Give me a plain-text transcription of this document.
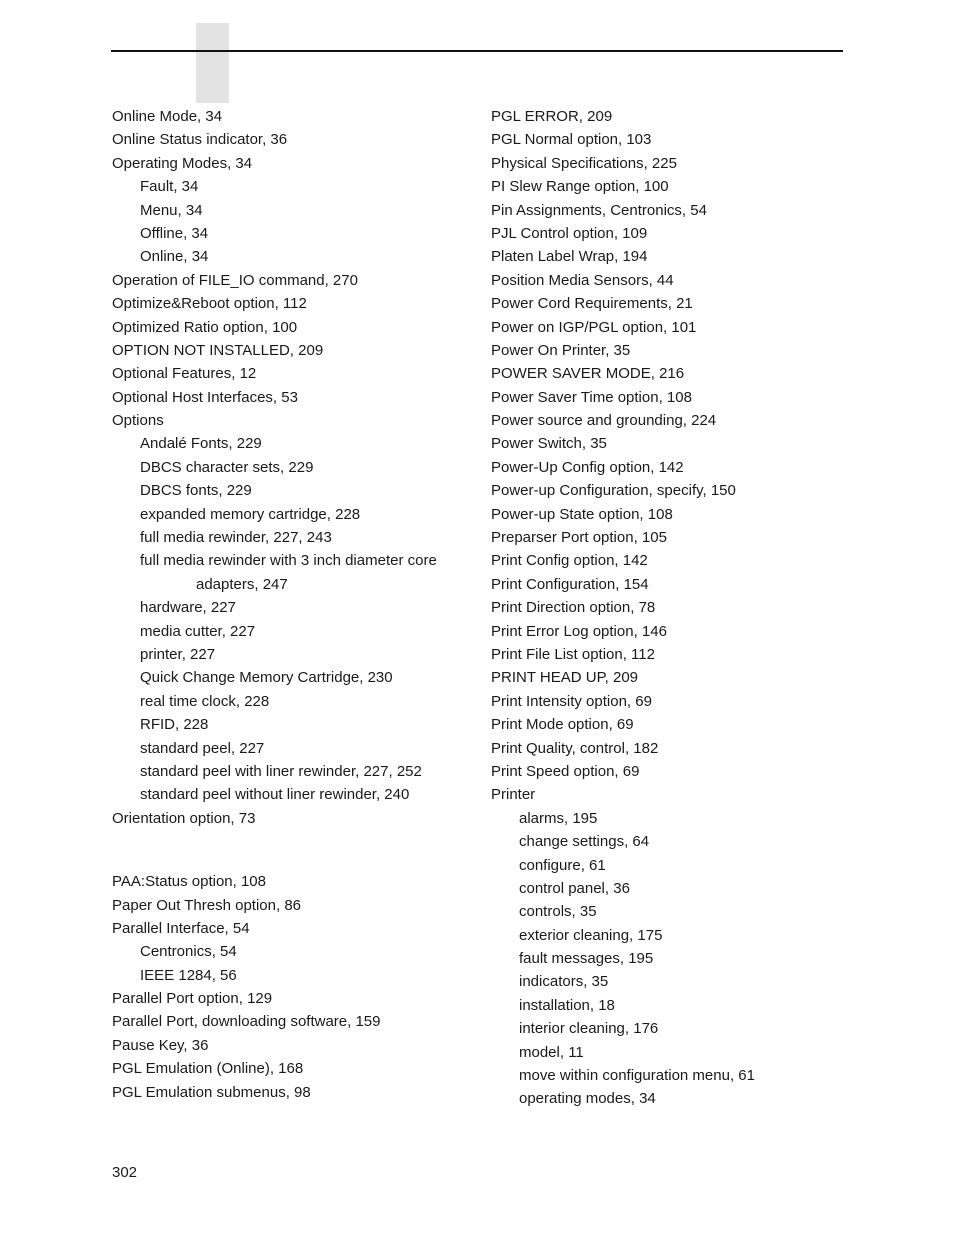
Online Mode, 34
Online Status indicator, 36
Operating Modes, 34
Fault, 34
Menu, 34
Offline, 34
Online, 34
Operation of FILE_IO command, 270
Optimize&Reboot option, 112
Optimized Ratio option, 100
OPTION NOT INSTALLED, 209
Optional Features, 12
Optional Host Interfaces, 53
Options
Andalé Fonts, 229
DBCS character sets, 229
DBCS fonts, 229
expanded memory cartridge, 228
full media rewinder, 227, 243
full media rewinder with 3 inch diameter core
adapters, 247
hardware, 227
media cutter, 227
printer, 227
Quick Change Memory Cartridge, 230
real time clock, 228
RFID, 228
standard peel, 227
standard peel with liner rewinder, 227, 252
standard peel without liner rewinder, 240
Orientation option, 73
PAA:Status option, 108
Paper Out Thresh option, 86
Parallel Interface, 54
Centronics, 54
IEEE 1284, 56
Parallel Port option, 129
Parallel Port, downloading software, 159
Pause Key, 36
PGL Emulation (Online), 168
PGL Emulation submenus, 98
PGL ERROR, 209
PGL Normal option, 103
Physical Specifications, 225
PI Slew Range option, 100
Pin Assignments, Centronics, 54
PJL Control option, 109
Platen Label Wrap, 194
Position Media Sensors, 44
Power Cord Requirements, 21
Power on IGP/PGL option, 101
Power On Printer, 35
POWER SAVER MODE, 216
Power Saver Time option, 108
Power source and grounding, 224
Power Switch, 35
Power-Up Config option, 142
Power-up Configuration, specify, 150
Power-up State option, 108
Preparser Port option, 105
Print Config option, 142
Print Configuration, 154
Print Direction option, 78
Print Error Log option, 146
Print File List option, 112
PRINT HEAD UP, 209
Print Intensity option, 69
Print Mode option, 69
Print Quality, control, 182
Print Speed option, 69
Printer
alarms, 195
change settings, 64
configure, 61
control panel, 36
controls, 35
exterior cleaning, 175
fault messages, 195
indicators, 35
installation, 18
interior cleaning, 176
model, 11
move within configuration menu, 61
operating modes, 34
302
